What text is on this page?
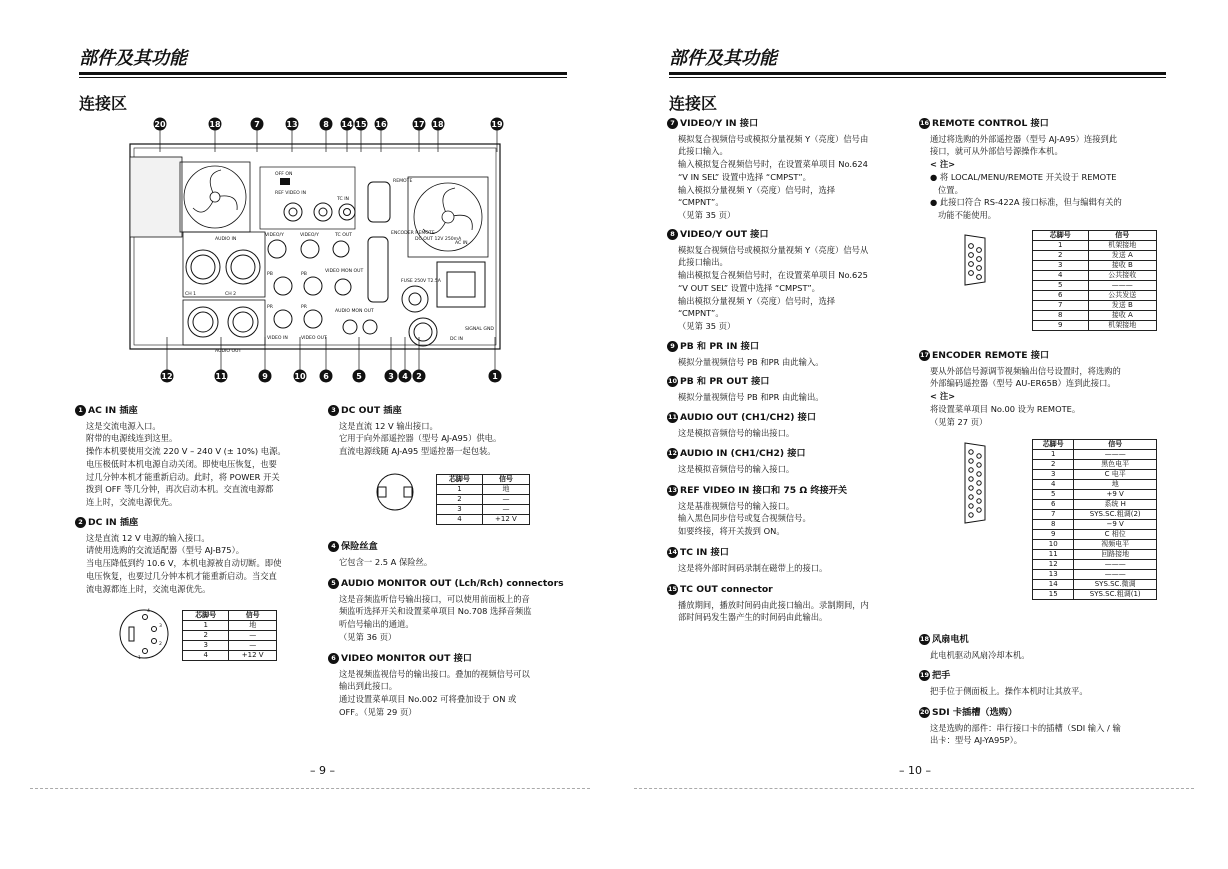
部件及其功能
连接区
20	18	7	13	8 14 15 16	17 18	19
12	11	9	10 6	5	3 4 2	1
OFF ON
REF VIDEO IN
TC IN
REMOTE
AUDIO IN
CH 1	CH 2
VIDEO/Y	VIDEO/Y	TC OUT
PB	PB
PR	PR
VIDEO MON OUT
AUDIO OUT
VIDEO IN	VIDEO OUT
ENCODER REMOTE
DC OUT 12V 250mA
AC IN
FUSE 250V T2.5A
AUDIO MON OUT
DC IN
SIGNAL GND
1 AC IN 插座
这是交流电源入口。
附带的电源线连到这里。
操作本机要使用交流 220 V – 240 V (± 10%) 电源。
电压极低时本机电源自动关闭。即使电压恢复，也要
过几分钟本机才能重新启动。此时，将 POWER 开关
拨到 OFF 等几分钟，再次启动本机。交直流电源都
连上时，交流电源优先。
2 DC IN 插座
这是直流 12 V 电源的输入接口。
请使用选购的交流适配器（型号 AJ-B75）。
当电压降低到约 10.6 V，本机电源被自动切断。即使
电压恢复，也要过几分钟本机才能重新启动。当交直
流电源都连上时，交流电源优先。
4
3
2
1
芯脚号	信号
1	地
2	—
3	—
4	+12 V
3 DC OUT 插座
这是直流 12 V 输出接口。
它用于向外部遥控器（型号 AJ-A95）供电。
直流电源线随 AJ-A95 型遥控器一起包装。
芯脚号	信号
1	地
2	—
3	—
4	+12 V
4 保险丝盒
它包含一 2.5 A 保险丝。
5 AUDIO MONITOR OUT (Lch/Rch) connectors
这是音频监听信号输出接口，可以使用前面板上的音
频监听选择开关和设置菜单项目 No.708 选择音频监
听信号输出的通道。
（见第 36 页）
6 VIDEO MONITOR OUT 接口
这是视频监视信号的输出接口。叠加的视频信号可以
输出到此接口。
通过设置菜单项目 No.002 可将叠加设于 ON 或
OFF。（见第 29 页）
– 9 –
部件及其功能
连接区
7 VIDEO/Y IN 接口
模拟复合视频信号或模拟分量视频 Y（亮度）信号由
此接口输入。
输入模拟复合视频信号时，在设置菜单项目 No.624
“V IN SEL” 设置中选择 “CMPST”。
输入模拟分量视频 Y（亮度）信号时，选择
“CMPNT”。
（见第 35 页）
8 VIDEO/Y OUT 接口
模拟复合视频信号或模拟分量视频 Y（亮度）信号从
此接口输出。
输出模拟复合视频信号时，在设置菜单项目 No.625
“V OUT SEL” 设置中选择 “CMPST”。
输出模拟分量视频 Y（亮度）信号时，选择
“CMPNT”。
（见第 35 页）
9 PB 和 PR IN 接口
模拟分量视频信号 PB 和PR 由此输入。
10 PB 和 PR OUT 接口
模拟分量视频信号 PB 和PR 由此输出。
11 AUDIO OUT (CH1/CH2) 接口
这是模拟音频信号的输出接口。
12 AUDIO IN (CH1/CH2) 接口
这是模拟音频信号的输入接口。
13 REF VIDEO IN 接口和 75 Ω 终接开关
这是基准视频信号的输入接口。
输入黑色同步信号或复合视频信号。
如要终接，将开关拨到 ON。
14 TC IN 接口
这是将外部时间码录制在磁带上的接口。
15 TC OUT connector
播放期间，播放时间码由此接口输出。录制期间，内
部时间码发生器产生的时间码由此输出。
16 REMOTE CONTROL 接口
通过将选购的外部遥控器（型号 AJ-A95）连接到此
接口，就可从外部信号源操作本机。
< 注>
● 将 LOCAL/MENU/REMOTE 开关设于 REMOTE
位置。
● 此接口符合 RS-422A 接口标准，但与编辑有关的
功能不能使用。
芯脚号	信号
1	机架接地
2	发送 A
3	接收 B
4	公共接收
5	———
6	公共发送
7	发送 B
8	接收 A
9	机架接地
17 ENCODER REMOTE 接口
要从外部信号源调节视频输出信号设置时，将选购的
外部编码遥控器（型号 AU-ER65B）连到此接口。
< 注>
将设置菜单项目 No.00 设为 REMOTE。
（见第 27 页）
芯脚号	信号
1	———
2	黑色电平
3	C 电平
4	地
5	+9 V
6	系统 H
7	SYS.SC.粗调(2)
8	−9 V
9	C 相位
10	视频电平
11	回路接地
12	———
13	———
14	SYS.SC.微调
15	SYS.SC.粗调(1)
18 风扇电机
此电机驱动风扇冷却本机。
19 把手
把手位于侧面板上。操作本机时让其放平。
20 SDI 卡插槽（选购）
这是选购的部件：串行接口卡的插槽（SDI 输入 / 输
出卡：型号 AJ-YA95P）。
– 10 –
